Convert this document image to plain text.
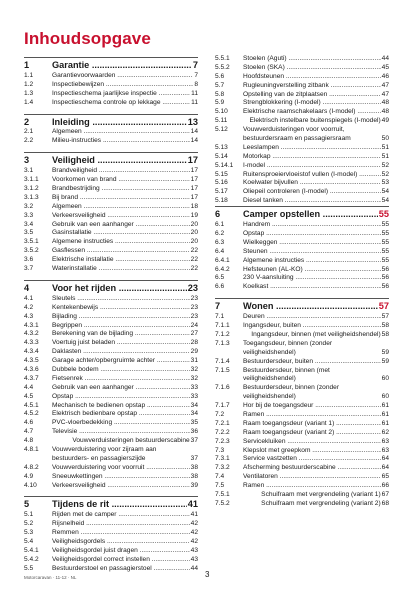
Inhoudsopgave
1	Garantie .....	7
1.1	Garantievoorwaarden .....	7
1.2	Inspectiebewijzen .....	8
1.3	Inspectieschema jaarlijkse inspectie .....	11
1.4	Inspectieschema controle op lekkage .....	11
2	Inleiding .....	13
2.1	Algemeen .....	14
2.2	Milieu-instructies .....	14
3	Veiligheid .....	17
3.1	Brandveiligheid .....	17
3.1.1	Voorkomen van brand .....	17
3.1.2	Brandbestrijding .....	17
3.1.3	Bij brand .....	17
3.2	Algemeen .....	18
3.3	Verkeersveiligheid .....	19
3.4	Gebruik van een aanhanger .....	20
3.5	Gasinstallatie .....	20
3.5.1	Algemene instructies .....	20
3.5.2	Gasflessen .....	22
3.6	Elektrische installatie .....	22
3.7	Waterinstallatie .....	22
4	Voor het rijden .....	23
4.1	Sleutels .....	23
4.2	Kentekenbewijs .....	23
4.3	Bijlading .....	23
4.3.1	Begrippen .....	24
4.3.2	Berekening van de bijlading .....	27
4.3.3	Voertuig juist beladen .....	28
4.3.4	Daklasten .....	29
4.3.5	Garage achter/opbergruimte achter .....	31
4.3.6	Dubbele bodem .....	32
4.3.7	Fietsenrek .....	32
4.4	Gebruik van een aanhanger .....	33
4.5	Opstap .....	33
4.5.1	Mechanisch te bedienen opstap .....	34
4.5.2	Elektrisch bedienbare opstap .....	34
4.6	PVC-vloerbedekking .....	35
4.7	Televisie .....	36
4.8	Vouwverduisteringen bestuurderscabine 37
4.8.1	Vouwverduistering voor zijraam aan bestuurders- en passagierszijde	37
4.8.2	Vouwverduistering voor voorruit .....	38
4.9	Sneeuwkettingen .....	38
4.10	Verkeersveiligheid .....	39
5	Tijdens de rit .....	41
5.1	Rijden met de camper .....	41
5.2	Rijsnelheid .....	42
5.3	Remmen .....	42
5.4	Veiligheidsgordels .....	42
5.4.1	Veiligheidsgordel juist dragen .....	43
5.4.2	Veiligheidsgordel correct instellen .....	43
5.5	Bestuurderstoel en passagierstoel .....	44
5.5.1	Stoelen (Aguti) .....	44
5.5.2	Stoelen (SKA) .....	45
5.6	Hoofdsteunen .....	46
5.7	Rugleuningverstelling zitbank .....	47
5.8	Opstelling van de zitplaatsen .....	47
5.9	Strengblokkering (I-model) .....	48
5.10	Elektrische raamschakelaars (I-model) .....	48
5.11	Elektrisch instelbare buitenspiegels (I-model) 49
5.12	Vouwverduisteringen voor voorruit, bestuurdersraam en passagiersraam	50
5.13	Leeslampen .....	51
5.14	Motorkap .....	51
5.14.1	I-model .....	52
5.15	Ruitensproeiervloeistof vullen (I-model) .....	52
5.16	Koelwater bijvullen .....	53
5.17	Oliepeil controleren (I-model) .....	54
5.18	Diesel tanken .....	54
6	Camper opstellen .....	55
6.1	Handrem .....	55
6.2	Opstap .....	55
6.3	Wielkeggen .....	55
6.4	Steunen .....	55
6.4.1	Algemene instructies .....	55
6.4.2	Hefsteunen (AL-KO) .....	56
6.5	230 V-aansluiting .....	56
6.6	Koelkast .....	56
7	Wonen .....	57
7.1	Deuren .....	57
7.1.1	Ingangsdeur, buiten .....	58
7.1.2	Ingangsdeur, binnen (met veiligheidshendel) 58
7.1.3	Toegangsdeur, binnen (zonder veiligheidshendel)	59
7.1.4	Bestuurdersdeur, buiten .....	59
7.1.5	Bestuurdersdeur, binnen (met veiligheidshendel)	60
7.1.6	Bestuurdersdeur, binnen (zonder veiligheidshendel)	60
7.1.7	Hor bij de toegangsdeur .....	61
7.2	Ramen .....	61
7.2.1	Raam toegangsdeur (variant 1) .....	61
7.2.2	Raam toegangsdeur (variant 2) .....	62
7.2.3	Servicekluiken .....	63
7.3	Klepslot met greepkom .....	63
7.3.1	Service vastzetten .....	64
7.3.2	Afscherming bestuurderscabine .....	64
7.4	Ventilatoren .....	65
7.5	Ramen .....	66
7.5.1	Schuifraam met vergrendeling (variant 1) 67
7.5.2	Schuifraam met vergrendeling (variant 2) 68
Motorcaravan · 11-12 · NL	3
